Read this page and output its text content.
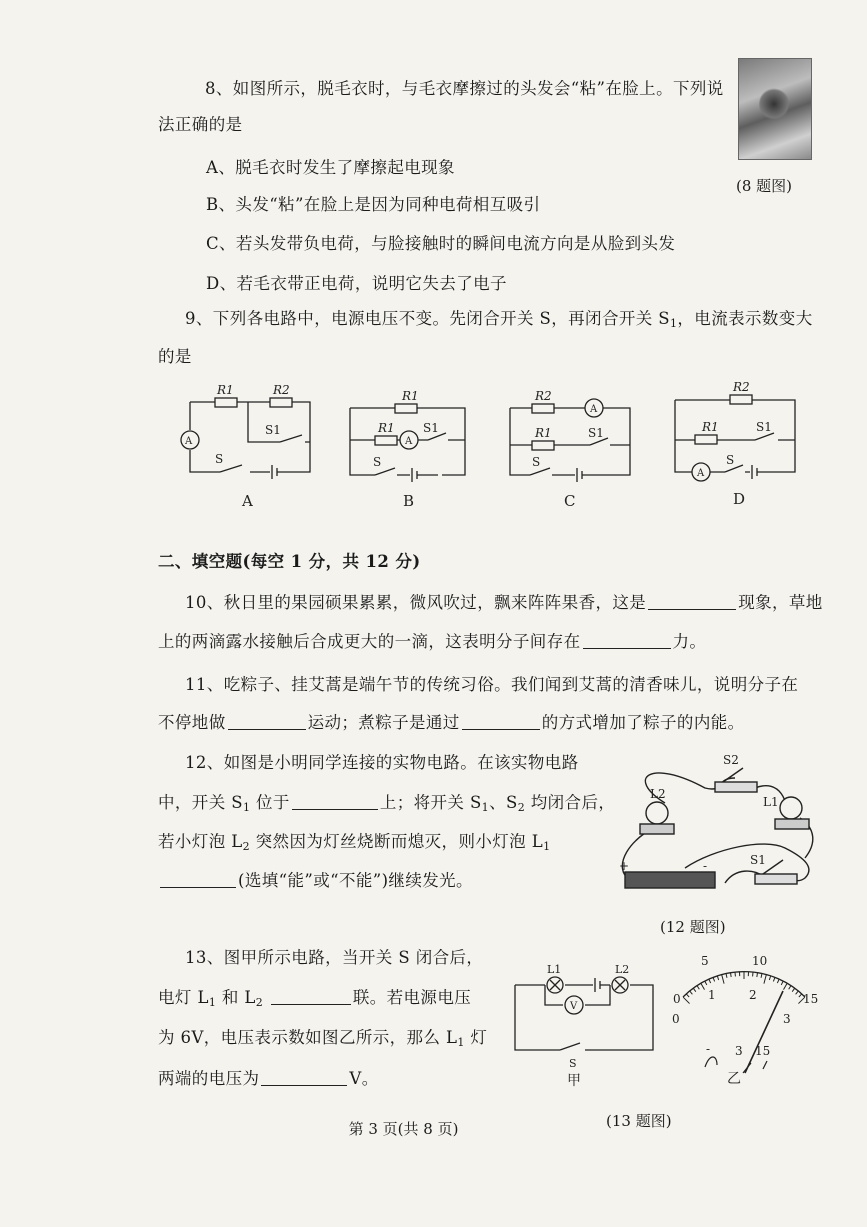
8、如图所示，脱毛衣时，与毛衣摩擦过的头发会“粘”在脸上。下列说
法正确的是
A、脱毛衣时发生了摩擦起电现象
B、头发“粘”在脸上是因为同种电荷相互吸引
C、若头发带负电荷，与脸接触时的瞬间电流方向是从脸到头发
D、若毛衣带正电荷，说明它失去了电子
(8 题图)
9、下列各电路中，电源电压不变。先闭合开关 S，再闭合开关 $S_1$，电流表示数变大
的是
R1	R2
S1
S
A
A
R1
R1 S1
S
A
B
R2
R1	S1
S
A
C
R2
R1	S1
S
A
D
二、填空题(每空 1 分，共 12 分)
10、秋日里的果园硕果累累，微风吹过，飘来阵阵果香，这是	现象，草地
上的两滴露水接触后合成更大的一滴，这表明分子间存在	力。
11、吃粽子、挂艾蒿是端午节的传统习俗。我们闻到艾蒿的清香味儿，说明分子在
不停地做	运动；煮粽子是通过	的方式增加了粽子的内能。
12、如图是小明同学连接的实物电路。在该实物电路
中，开关 $S_1$ 位于	上；将开关 $S_1$、$S_2$ 均闭合后，
若小灯泡 $L_2$ 突然因为灯丝烧断而熄灭，则小灯泡 $L_1$
(选填“能”或“不能”)继续发光。
S2
L2
L1
S1
+	-
(12 题图)
13、图甲所示电路，当开关 S 闭合后，
电灯 $L_1$ 和 $L_2$	联。若电源电压
为 6V，电压表示数如图乙所示，那么 $L_1$ 灯
两端的电压为	V。
L1	L2
V
S
甲
0
5	10
15
0
1	2
3
- 3 15
乙
(13 题图)
第 3 页(共 8 页)
